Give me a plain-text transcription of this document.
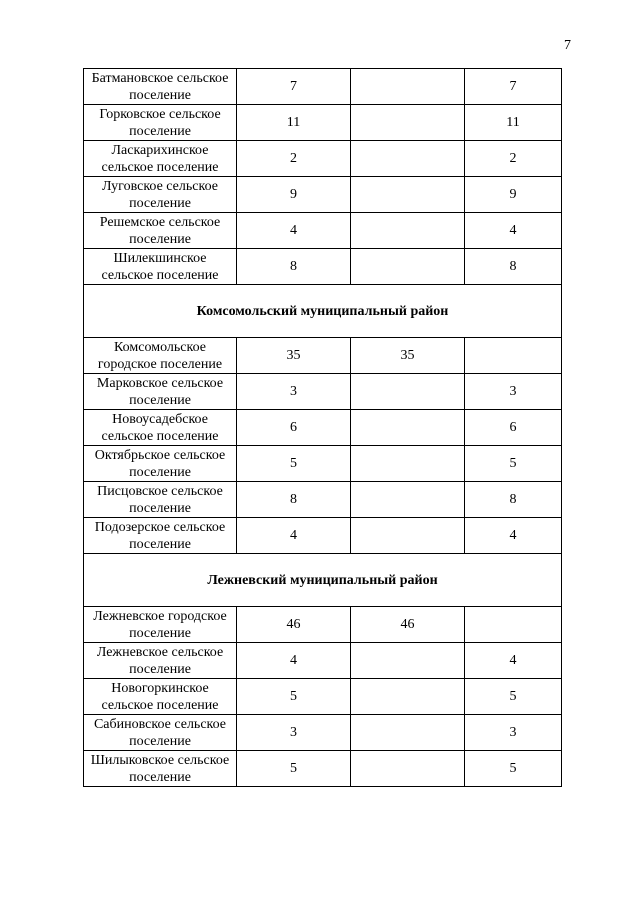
7
Батмановское сельское поселение	7		7
Горковское сельское поселение	11		11
Ласкарихинское сельское поселение	2		2
Луговское сельское поселение	9		9
Решемское сельское поселение	4		4
Шилекшинское сельское поселение	8		8
Комсомольский муниципальный район			
Комсомольское городское поселение	35	35	
Марковское сельское поселение	3		3
Новоусадебское сельское поселение	6		6
Октябрьское сельское поселение	5		5
Писцовское сельское поселение	8		8
Подозерское сельское поселение	4		4
Лежневский муниципальный район			
Лежневское городское поселение	46	46	
Лежневское сельское поселение	4		4
Новогоркинское сельское поселение	5		5
Сабиновское сельское поселение	3		3
Шилыковское сельское поселение	5		5
